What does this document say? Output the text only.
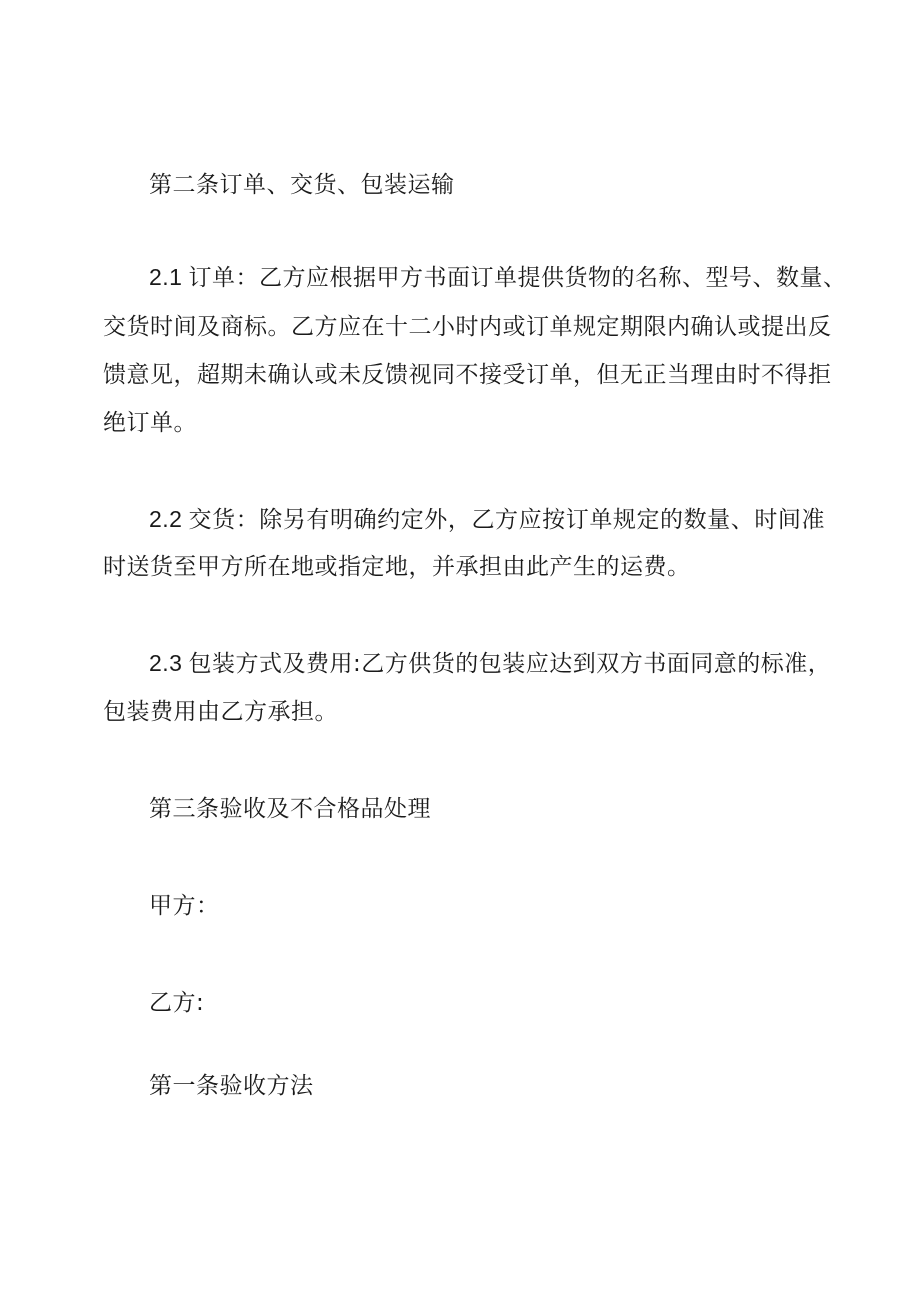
第二条订单、交货、包装运输
2.1 订单：乙方应根据甲方书面订单提供货物的名称、型号、数量、
交货时间及商标。乙方应在十二小时内或订单规定期限内确认或提出反
馈意见，超期未确认或未反馈视同不接受订单，但无正当理由时不得拒
绝订单。
2.2 交货：除另有明确约定外，乙方应按订单规定的数量、时间准
时送货至甲方所在地或指定地，并承担由此产生的运费。
2.3 包装方式及费用:乙方供货的包装应达到双方书面同意的标准，
包装费用由乙方承担。
第三条验收及不合格品处理
甲方：
乙方:
第一条验收方法
